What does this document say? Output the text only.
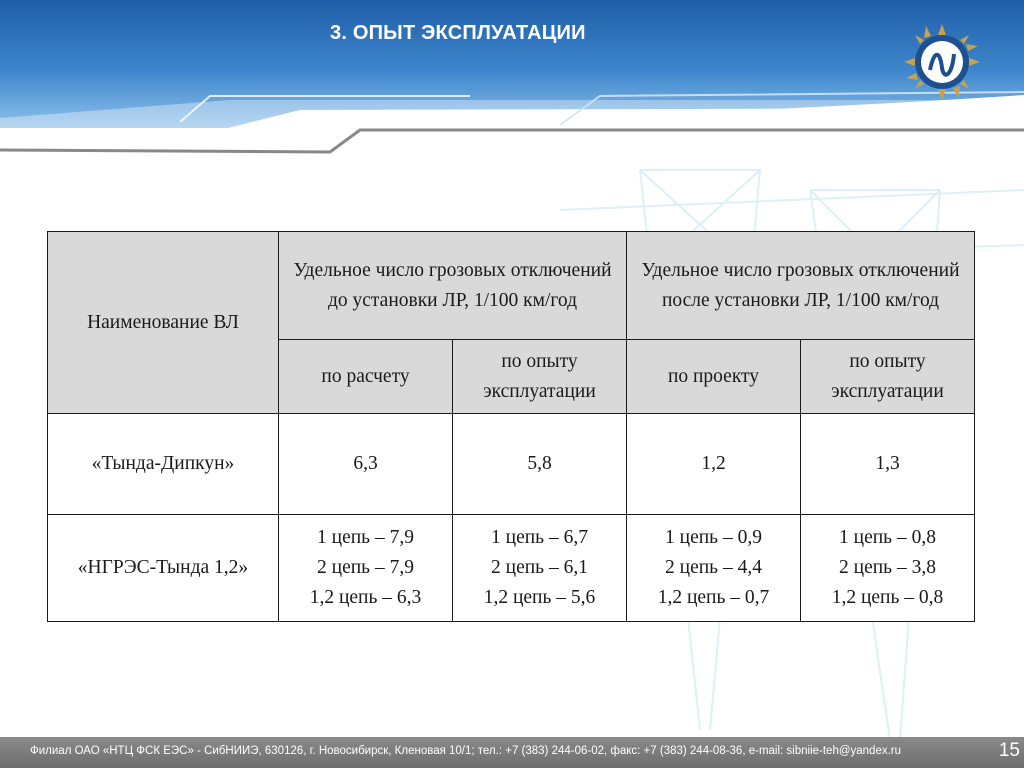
3. ОПЫТ ЭКСПЛУАТАЦИИ
Наименование ВЛ	Удельное число грозовых отключений до установки ЛР, 1/100 км/год		Удельное число грозовых отключений после установки ЛР, 1/100 км/год	
	по расчету	по опыту эксплуатации	по проекту	по опыту эксплуатации
«Тында-Дипкун»	6,3	5,8	1,2	1,3

«НГРЭС-Тында 1,2»	1 цепь – 7,9
2 цепь – 7,9
1,2 цепь – 6,3	1 цепь – 6,7
2 цепь – 6,1
1,2 цепь – 5,6	1 цепь – 0,9
2 цепь – 4,4
1,2 цепь – 0,7	1 цепь – 0,8
2 цепь – 3,8
1,2 цепь – 0,8
Филиал ОАО «НТЦ ФСК ЕЭС» - СибНИИЭ, 630126, г. Новосибирск, Кленовая 10/1; тел.: +7 (383) 244-06-02, факс: +7 (383) 244-08-36, e-mail: sibniie-teh@yandex.ru	15
